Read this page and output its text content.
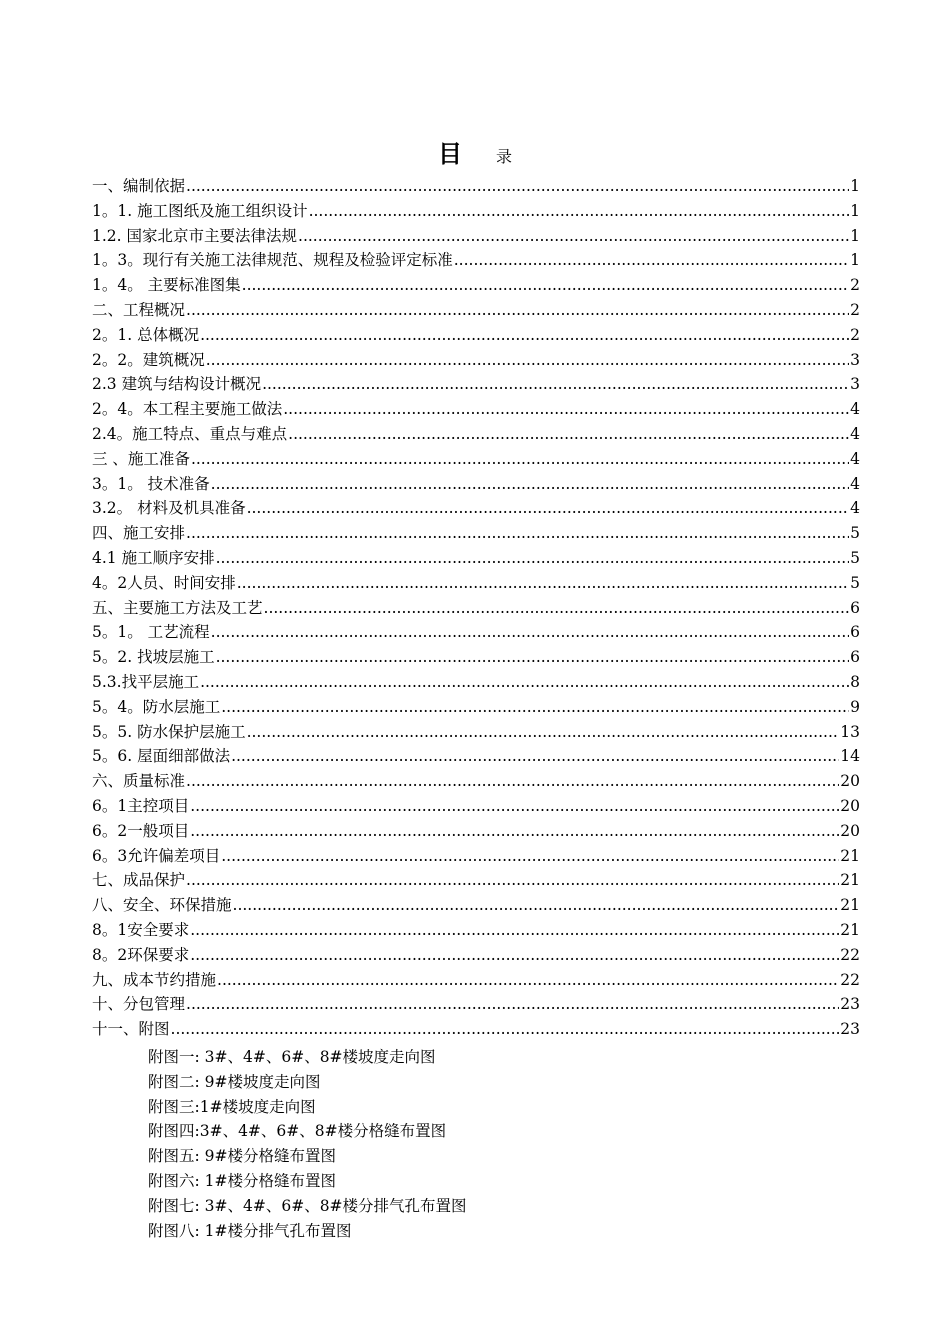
目 录
一、编制依据 .....	1
1。1. 施工图纸及施工组织设计 .....	1
1.2. 国家北京市主要法律法规 .....	1
1。3。现行有关施工法律规范、规程及检验评定标准 .....	1
1。4。 主要标准图集 .....	2
二、工程概况 .....	2
2。1. 总体概况 .....	2
2。2。建筑概况 .....	3
2.3 建筑与结构设计概况 .....	3
2。4。本工程主要施工做法 .....	4
2.4。施工特点、重点与难点 .....	4
三 、施工准备 .....	4
3。1。 技术准备 .....	4
3.2。 材料及机具准备 .....	4
四、施工安排 .....	5
4.1 施工顺序安排 .....	5
4。2人员、时间安排 .....	5
五、主要施工方法及工艺 .....	6
5。1。 工艺流程 .....	6
5。2. 找坡层施工 .....	6
5.3.找平层施工 .....	8
5。4。防水层施工 .....	9
5。5. 防水保护层施工 .....	13
5。6. 屋面细部做法 .....	14
六、质量标准 .....	20
6。1主控项目 .....	20
6。2一般项目 .....	20
6。3允许偏差项目 .....	21
七、成品保护 .....	21
八、安全、环保措施 .....	21
8。1安全要求 .....	21
8。2环保要求 .....	22
九、成本节约措施 .....	22
十、分包管理 .....	23
十一、附图 .....	23
附图一: 3#、4#、6#、8#楼坡度走向图
附图二: 9#楼坡度走向图
附图三:1#楼坡度走向图
附图四:3#、4#、6#、8#楼分格缝布置图
附图五: 9#楼分格缝布置图
附图六: 1#楼分格缝布置图
附图七: 3#、4#、6#、8#楼分排气孔布置图
附图八: 1#楼分排气孔布置图
